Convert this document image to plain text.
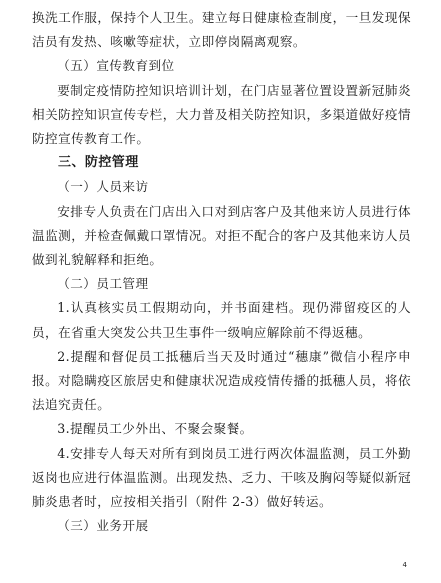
换洗工作服，保持个人卫生。建立每日健康检查制度，一旦发现保洁员有发热、咳嗽等症状，立即停岗隔离观察。

（五）宣传教育到位

要制定疫情防控知识培训计划，在门店显著位置设置新冠肺炎相关防控知识宣传专栏，大力普及相关防控知识，多渠道做好疫情防控宣传教育工作。

三、防控管理

（一）人员来访

安排专人负责在门店出入口对到店客户及其他来访人员进行体温监测，并检查佩戴口罩情况。对拒不配合的客户及其他来访人员做到礼貌解释和拒绝。

（二）员工管理

1.认真核实员工假期动向，并书面建档。现仍滞留疫区的人员，在省重大突发公共卫生事件一级响应解除前不得返穗。

2.提醒和督促员工抵穗后当天及时通过“穗康”微信小程序申报。对隐瞒疫区旅居史和健康状况造成疫情传播的抵穗人员，将依法追究责任。

3.提醒员工少外出、不聚会聚餐。

4.安排专人每天对所有到岗员工进行两次体温监测，员工外勤返岗也应进行体温监测。出现发热、乏力、干咳及胸闷等疑似新冠肺炎患者时，应按相关指引（附件 2-3）做好转运。

（三）业务开展

4
